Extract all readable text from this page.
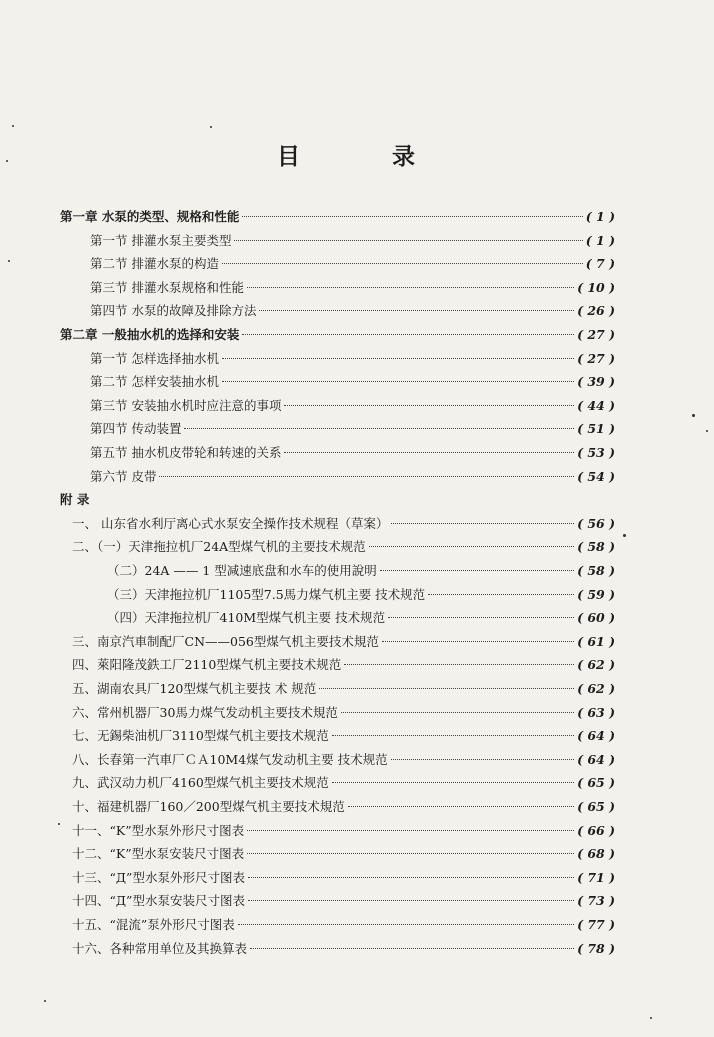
目 录
第一章 水泵的类型、规格和性能	( 1 )
第一节 排灌水泵主要类型	( 1 )
第二节 排灌水泵的构造	( 7 )
第三节 排灌水泵规格和性能	( 10 )
第四节 水泵的故障及排除方法	( 26 )
第二章 一般抽水机的选择和安装	( 27 )
第一节 怎样选择抽水机	( 27 )
第二节 怎样安装抽水机	( 39 )
第三节 安装抽水机时应注意的事项	( 44 )
第四节 传动装置	( 51 )
第五节 抽水机皮带轮和转速的关系	( 53 )
第六节 皮带	( 54 )
附 录
一、 山东省水利厅离心式水泵安全操作技术规程（草案）	( 56 )
二、（一）天津拖拉机厂24A型煤气机的主要技术规范	( 58 )
（二）24A —— 1 型减速底盘和水车的使用說明	( 58 )
（三）天津拖拉机厂1105型7.5馬力煤气机主要 技术规范	( 59 )
（四）天津拖拉机厂410M型煤气机主要 技术规范	( 60 )
三、南京汽車制配厂CN——056型煤气机主要技术規范	( 61 )
四、萊阳隆茂鉄工厂2110型煤气机主要技术规范	( 62 )
五、湖南农具厂120型煤气机主要技 术 规范	( 62 )
六、常州机器厂30馬力煤气发动机主要技术規范	( 63 )
七、无錫柴油机厂3110型煤气机主要技术规范	( 64 )
八、长春第一汽車厂ＣＡ10M4煤气发动机主要 技术规范	( 64 )
九、武汉动力机厂4160型煤气机主要技术规范	( 65 )
十、福建机器厂160／200型煤气机主要技术規范	( 65 )
十一、“K”型水泵外形尺寸图表	( 66 )
十二、“K”型水泵安装尺寸图表	( 68 )
十三、“Д”型水泵外形尺寸图表	( 71 )
十四、“Д”型水泵安装尺寸图表	( 73 )
十五、“混流”泵外形尺寸图表	( 77 )
十六、各种常用单位及其换算表	( 78 )
